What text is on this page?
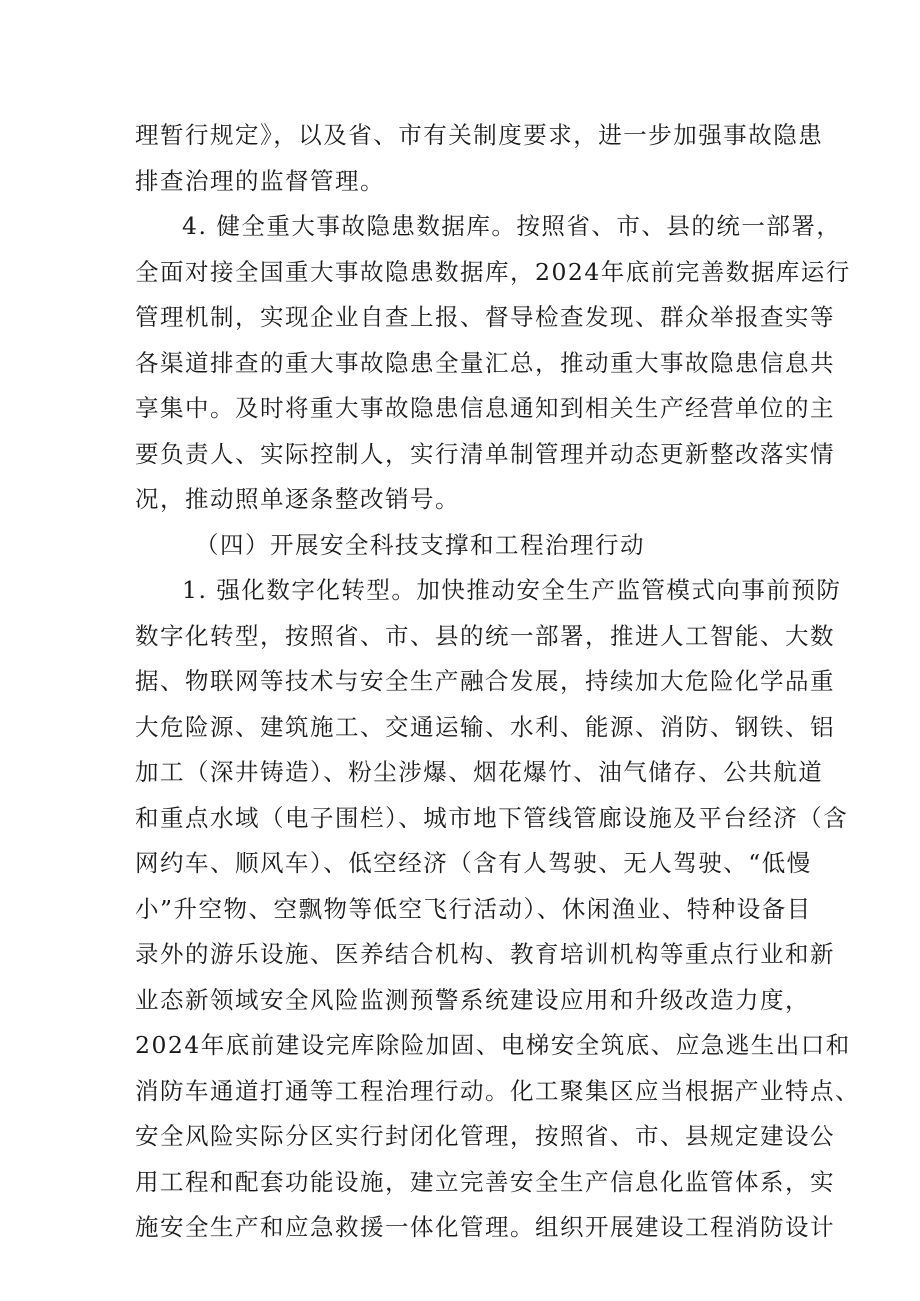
理暂行规定》，以及省、市有关制度要求，进一步加强事故隐患
排查治理的监督管理。
4. 健全重大事故隐患数据库。按照省、市、县的统一部署，
全面对接全国重大事故隐患数据库，2024年底前完善数据库运行
管理机制，实现企业自查上报、督导检查发现、群众举报查实等
各渠道排查的重大事故隐患全量汇总，推动重大事故隐患信息共
享集中。及时将重大事故隐患信息通知到相关生产经营单位的主
要负责人、实际控制人，实行清单制管理并动态更新整改落实情
况，推动照单逐条整改销号。
（四）开展安全科技支撑和工程治理行动
1. 强化数字化转型。加快推动安全生产监管模式向事前预防
数字化转型，按照省、市、县的统一部署，推进人工智能、大数
据、物联网等技术与安全生产融合发展，持续加大危险化学品重
大危险源、建筑施工、交通运输、水利、能源、消防、钢铁、铝
加工（深井铸造）、粉尘涉爆、烟花爆竹、油气储存、公共航道
和重点水域（电子围栏）、城市地下管线管廊设施及平台经济（含
网约车、顺风车）、低空经济（含有人驾驶、无人驾驶、“低慢
小”升空物、空飘物等低空飞行活动）、休闲渔业、特种设备目
录外的游乐设施、医养结合机构、教育培训机构等重点行业和新
业态新领域安全风险监测预警系统建设应用和升级改造力度，
2024年底前建设完库除险加固、电梯安全筑底、应急逃生出口和
消防车通道打通等工程治理行动。化工聚集区应当根据产业特点、
安全风险实际分区实行封闭化管理，按照省、市、县规定建设公
用工程和配套功能设施，建立完善安全生产信息化监管体系，实
施安全生产和应急救援一体化管理。组织开展建设工程消防设计
